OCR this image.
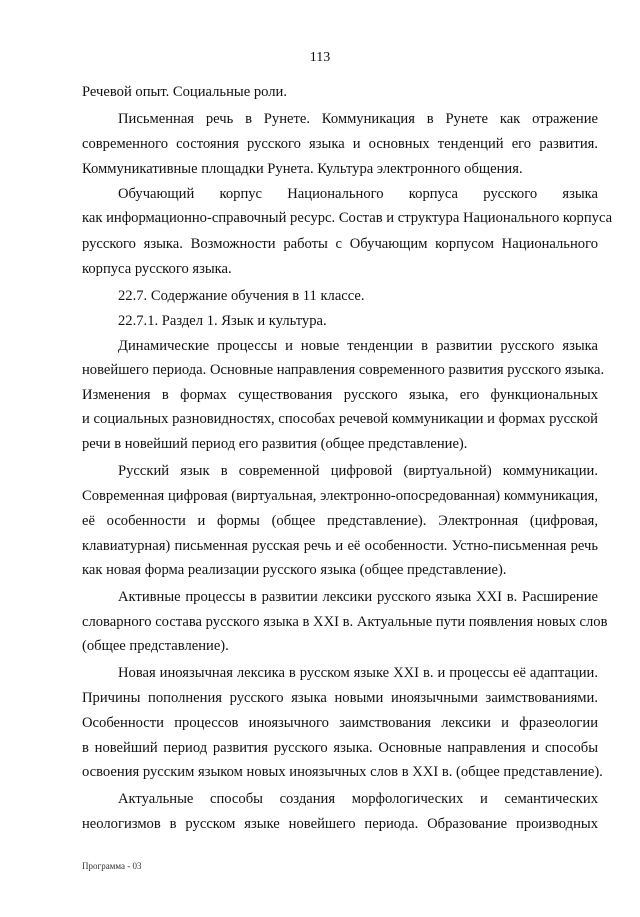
113
Речевой опыт. Социальные роли.
Письменная речь в Рунете. Коммуникация в Рунете как отражение
современного состояния русского языка и основных тенденций его развития.
Коммуникативные площадки Рунета. Культура электронного общения.
Обучающий корпус Национального корпуса русского языка
как информационно-справочный ресурс. Состав и структура Национального корпуса
русского языка. Возможности работы с Обучающим корпусом Национального
корпуса русского языка.
22.7. Содержание обучения в 11 классе.
22.7.1. Раздел 1. Язык и культура.
Динамические процессы и новые тенденции в развитии русского языка
новейшего периода. Основные направления современного развития русского языка.
Изменения в формах существования русского языка, его функциональных
и социальных разновидностях, способах речевой коммуникации и формах русской
речи в новейший период его развития (общее представление).
Русский язык в современной цифровой (виртуальной) коммуникации.
Современная цифровая (виртуальная, электронно-опосредованная) коммуникация,
её особенности и формы (общее представление). Электронная (цифровая,
клавиатурная) письменная русская речь и её особенности. Устно-письменная речь
как новая форма реализации русского языка (общее представление).
Активные процессы в развитии лексики русского языка XXI в. Расширение
словарного состава русского языка в XXI в. Актуальные пути появления новых слов
(общее представление).
Новая иноязычная лексика в русском языке XXI в. и процессы её адаптации.
Причины пополнения русского языка новыми иноязычными заимствованиями.
Особенности процессов иноязычного заимствования лексики и фразеологии
в новейший период развития русского языка. Основные направления и способы
освоения русским языком новых иноязычных слов в XXI в. (общее представление).
Актуальные способы создания морфологических и семантических
неологизмов в русском языке новейшего периода. Образование производных
Программа - 03
